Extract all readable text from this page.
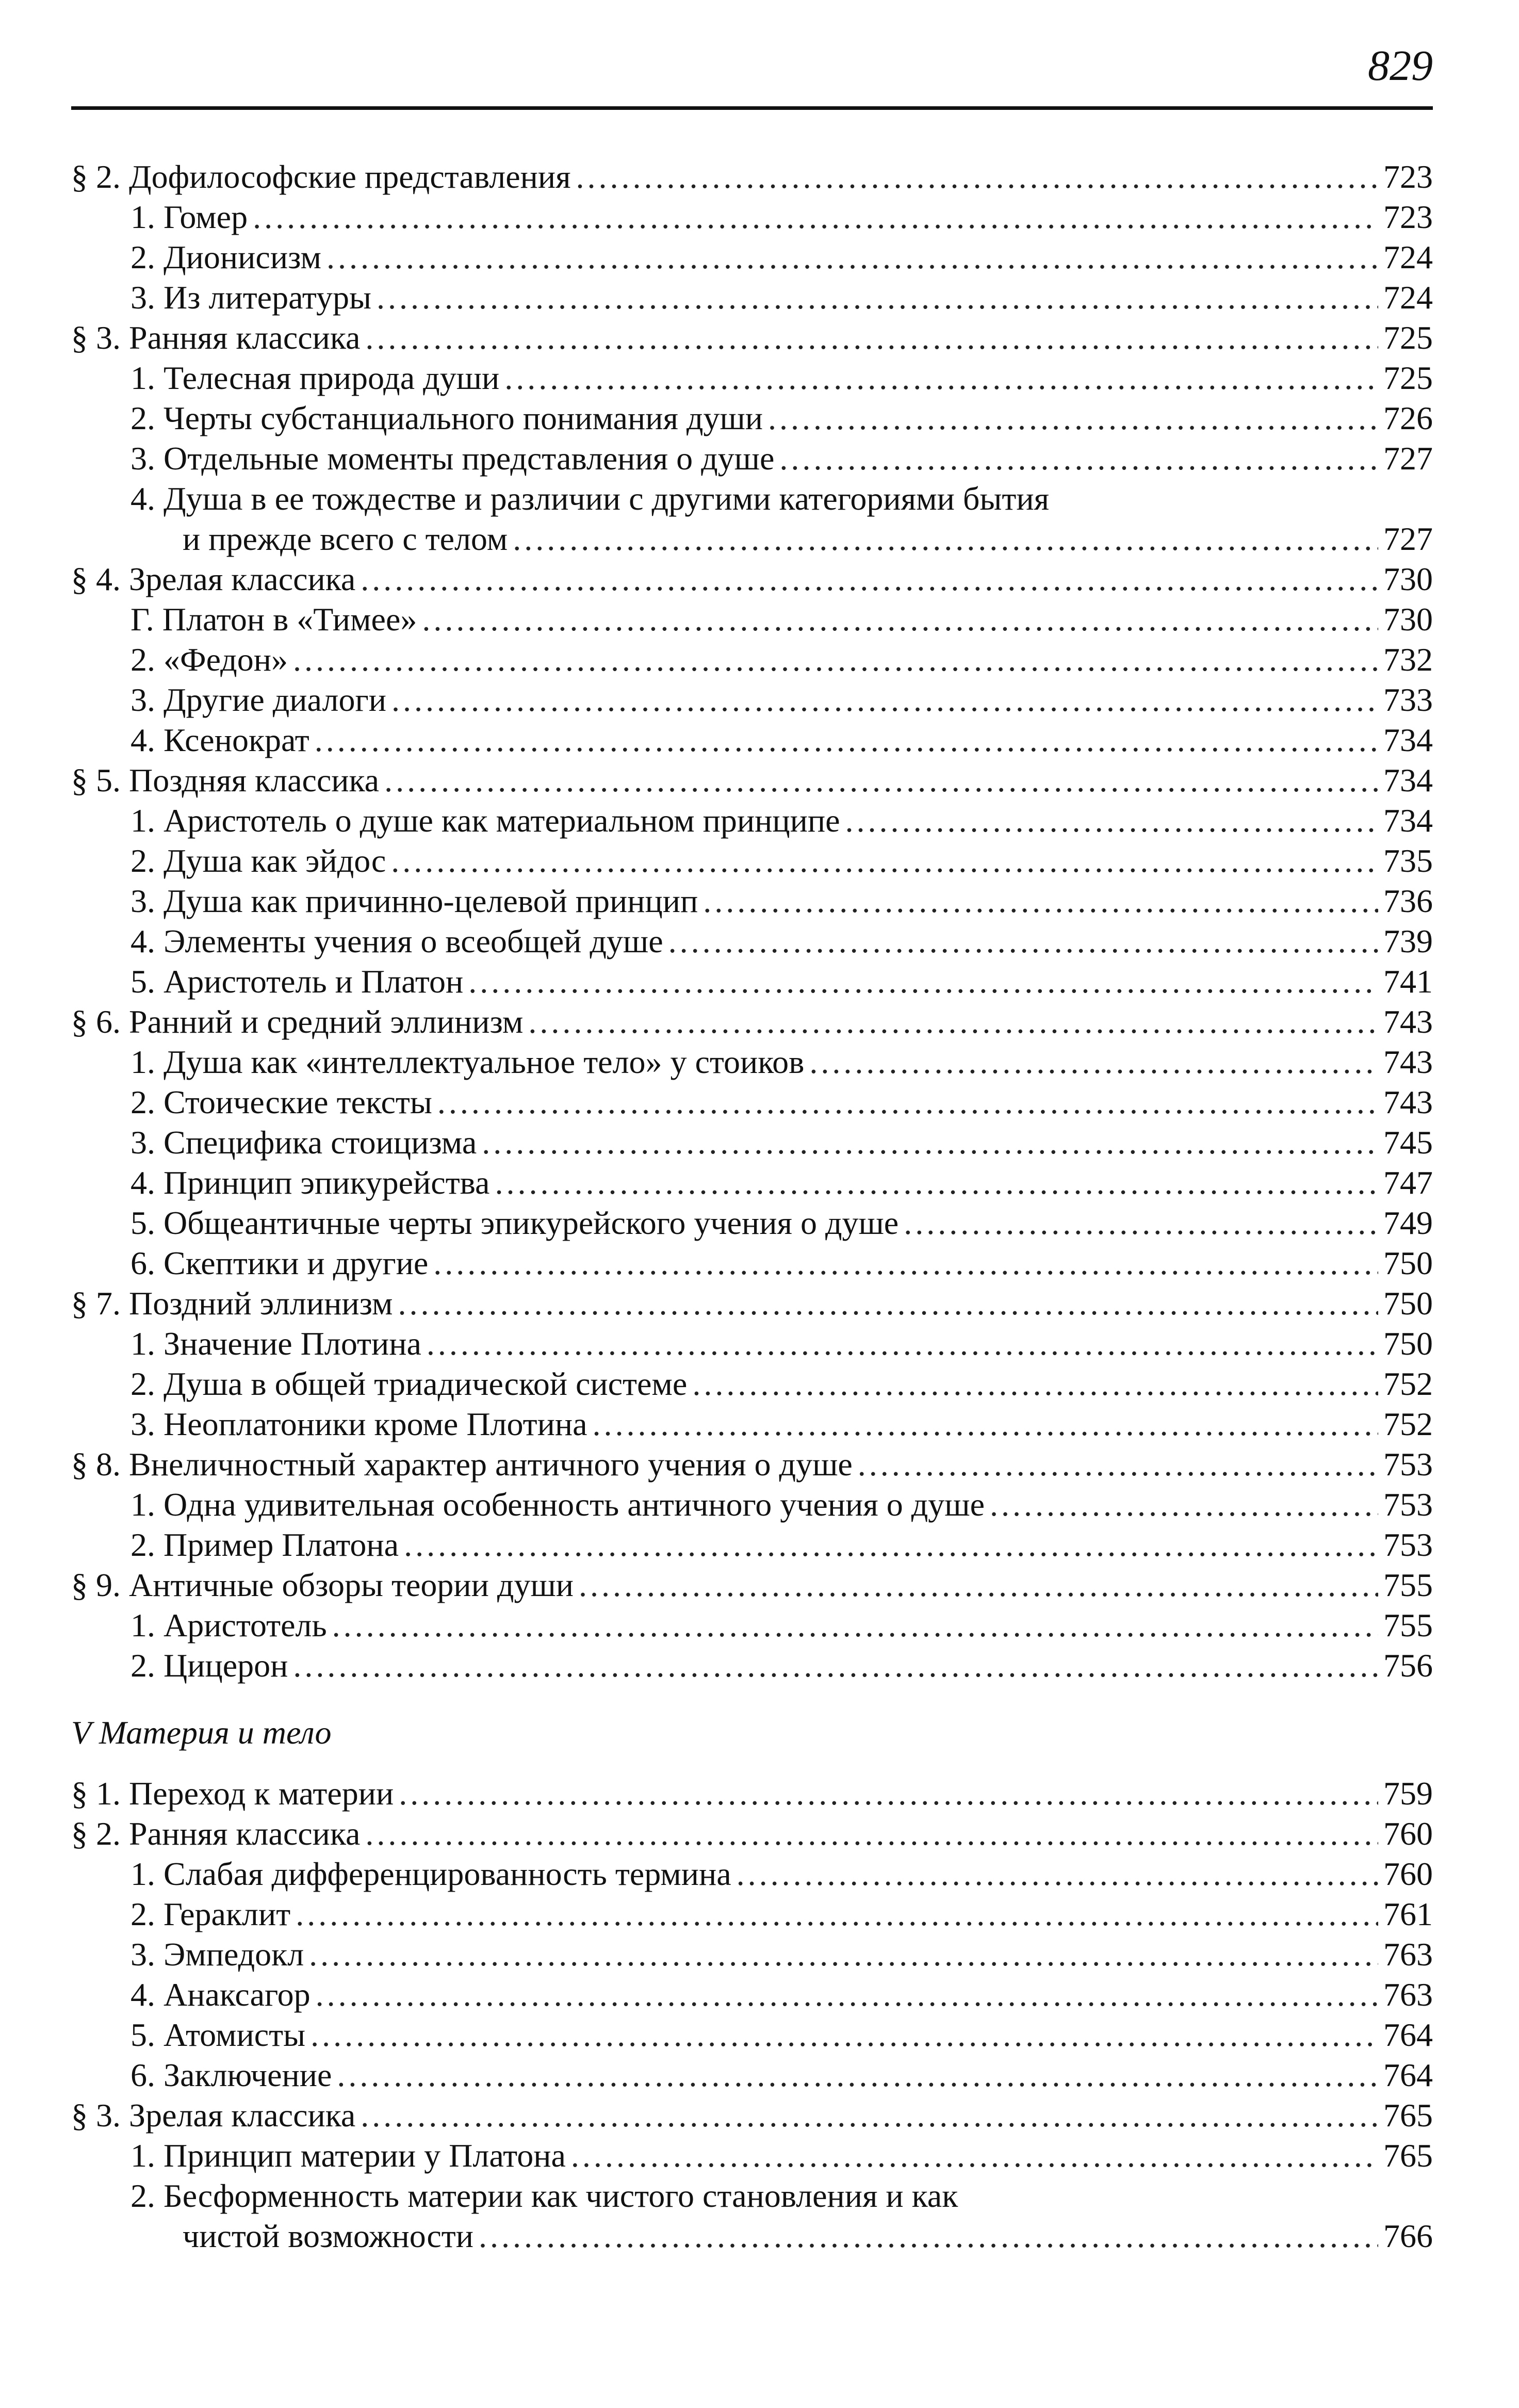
829
§ 2. Дофилософские представления .....	723
1. Гомер .....	723
2. Дионисизм .....	724
3. Из литературы .....	724
§ 3. Ранняя классика .....	725
1. Телесная природа души .....	725
2. Черты субстанциального понимания души .....	726
3. Отдельные моменты представления о душе .....	727
4. Душа в ее тождестве и различии с другими категориями бытия
и прежде всего с телом .....	727
§ 4. Зрелая классика .....	730
Г. Платон в «Тимее» .....	730
2. «Федон» .....	732
3. Другие диалоги .....	733
4. Ксенократ .....	734
§ 5. Поздняя классика .....	734
1. Аристотель о душе как материальном принципе .....	734
2. Душа как эйдос .....	735
3. Душа как причинно-целевой принцип .....	736
4. Элементы учения о всеобщей душе .....	739
5. Аристотель и Платон .....	741
§ 6. Ранний и средний эллинизм .....	743
1. Душа как «интеллектуальное тело» у стоиков .....	743
2. Стоические тексты .....	743
3. Специфика стоицизма .....	745
4. Принцип эпикурейства .....	747
5. Общеантичные черты эпикурейского учения о душе .....	749
6. Скептики и другие .....	750
§ 7. Поздний эллинизм .....	750
1. Значение Плотина .....	750
2. Душа в общей триадической системе .....	752
3. Неоплатоники кроме Плотина .....	752
§ 8. Внеличностный характер античного учения о душе .....	753
1. Одна удивительная особенность античного учения о душе .....	753
2. Пример Платона .....	753
§ 9. Античные обзоры теории души .....	755
1. Аристотель .....	755
2. Цицерон .....	756
V Материя и тело
§ 1. Переход к материи .....	759
§ 2. Ранняя классика .....	760
1. Слабая дифференцированность термина .....	760
2. Гераклит .....	761
3. Эмпедокл .....	763
4. Анаксагор .....	763
5. Атомисты .....	764
6. Заключение .....	764
§ 3. Зрелая классика .....	765
1. Принцип материи у Платона .....	765
2. Бесформенность материи как чистого становления и как
чистой возможности .....	766
